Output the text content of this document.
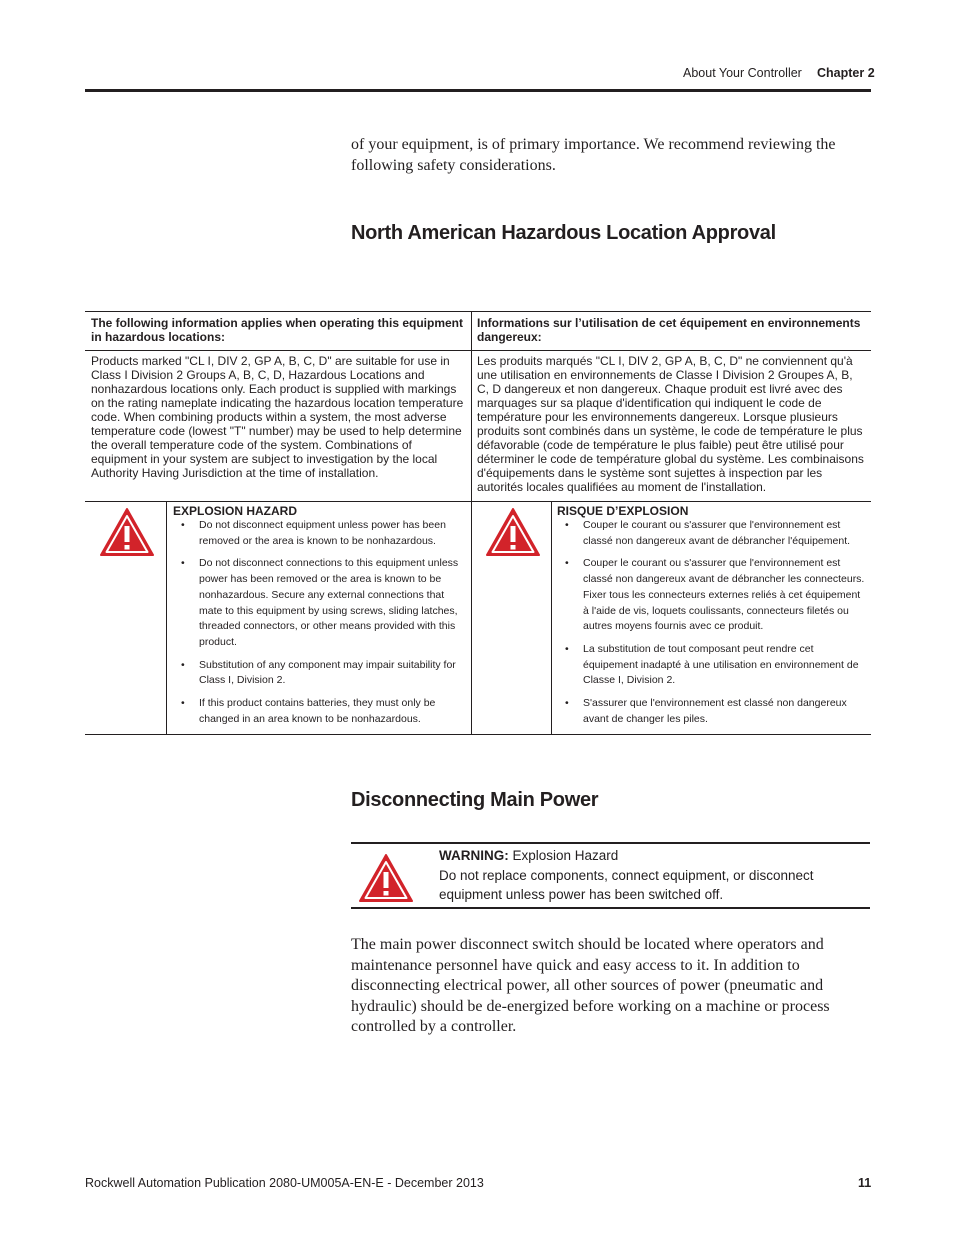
About Your Controller Chapter 2
of your equipment, is of primary importance. We recommend reviewing the following safety considerations.
North American Hazardous Location Approval
The following information applies when operating this equipment in hazardous locations:
Informations sur l’utilisation de cet équipement en environnements dangereux:
Products marked "CL I, DIV 2, GP A, B, C, D" are suitable for use in Class I Division 2 Groups A, B, C, D, Hazardous Locations and nonhazardous locations only. Each product is supplied with markings on the rating nameplate indicating the hazardous location temperature code. When combining products within a system, the most adverse temperature code (lowest "T" number) may be used to help determine the overall temperature code of the system. Combinations of equipment in your system are subject to investigation by the local Authority Having Jurisdiction at the time of installation.
Les produits marqués "CL I, DIV 2, GP A, B, C, D" ne conviennent qu'à une utilisation en environnements de Classe I Division 2 Groupes A, B, C, D dangereux et non dangereux. Chaque produit est livré avec des marquages sur sa plaque d'identification qui indiquent le code de température pour les environnements dangereux. Lorsque plusieurs produits sont combinés dans un système, le code de température le plus défavorable (code de température le plus faible) peut être utilisé pour déterminer le code de température global du système. Les combinaisons d'équipements dans le système sont sujettes à inspection par les autorités locales qualifiées au moment de l'installation.
EXPLOSION HAZARD
• Do not disconnect equipment unless power has been removed or the area is known to be nonhazardous.
• Do not disconnect connections to this equipment unless power has been removed or the area is known to be nonhazardous. Secure any external connections that mate to this equipment by using screws, sliding latches, threaded connectors, or other means provided with this product.
• Substitution of any component may impair suitability for Class I, Division 2.
• If this product contains batteries, they must only be changed in an area known to be nonhazardous.
RISQUE D’EXPLOSION
• Couper le courant ou s'assurer que l'environnement est classé non dangereux avant de débrancher l'équipement.
• Couper le courant ou s'assurer que l'environnement est classé non dangereux avant de débrancher les connecteurs. Fixer tous les connecteurs externes reliés à cet équipement à l'aide de vis, loquets coulissants, connecteurs filetés ou autres moyens fournis avec ce produit.
• La substitution de tout composant peut rendre cet équipement inadapté à une utilisation en environnement de Classe I, Division 2.
• S'assurer que l'environnement est classé non dangereux avant de changer les piles.
Disconnecting Main Power
WARNING: Explosion Hazard
Do not replace components, connect equipment, or disconnect equipment unless power has been switched off.
The main power disconnect switch should be located where operators and maintenance personnel have quick and easy access to it. In addition to disconnecting electrical power, all other sources of power (pneumatic and hydraulic) should be de-energized before working on a machine or process controlled by a controller.
Rockwell Automation Publication 2080-UM005A-EN-E - December 2013	11
